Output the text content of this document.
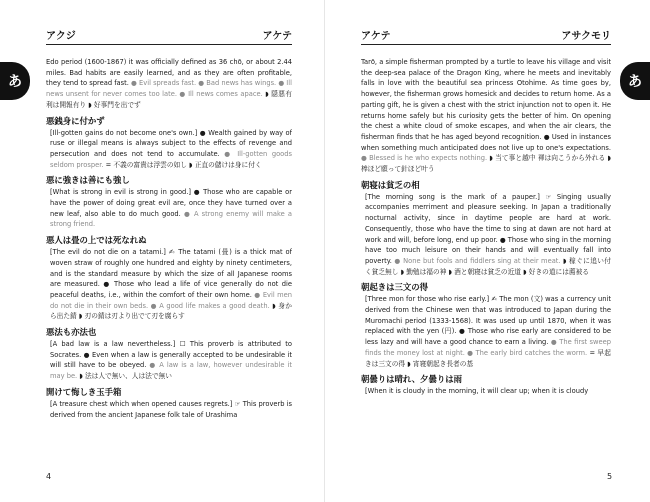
アクジ	アケテ
あ
Edo period (1600-1867) it was officially defined as 36 chō, or about 2.44 miles. Bad habits are easily learned, and as they are often profitable, they tend to spread fast. ● Evil spreads fast. ● Bad news has wings. ● Ill news unsent for never comes too late. ● Ill news comes apace. ◗ 隠悪有利は開報有り ◗ 好事門を出でず
悪銭身に付かず
[Ill-gotten gains do not become one's own.] ● Wealth gained by way of ruse or illegal means is always subject to the effects of revenge and persecution and does not tend to accumulate. ● Ill-gotten goods seldom prosper. = 不義の富貴は浮雲の如し ◗ 正直の儲けは身に付く
悪に強きは善にも強し
[What is strong in evil is strong in good.] ● Those who are capable or have the power of doing great evil are, once they have turned over a new leaf, also able to do much good. ● A strong enemy will make a strong friend.
悪人は畳の上では死なれぬ
[The evil do not die on a tatami.] ✍ The tatami (畳) is a thick mat of woven straw of roughly one hundred and eighty by ninety centimeters, and is the standard measure by which the size of all Japanese rooms are measured. ● Those who lead a life of vice generally do not die peaceful deaths, i.e., within the comfort of their own home. ● Evil men do not die in their own beds. ● A good life makes a good death. ◗ 身から出た錆 ◗ 刃の錆は刃より出でて刃を腐らす
悪法も亦法也
[A bad law is a law nevertheless.] ☐ This proverb is attributed to Socrates. ● Even when a law is generally accepted to be undesirable it will still have to be obeyed. ● A law is a law, however undesirable it may be. ◗ 法は人で無い、人は法で無い
開けて悔しき玉手箱
[A treasure chest which when opened causes regrets.] ☞ This proverb is derived from the ancient Japanese folk tale of Urashima
4
アケテ	アサクモリ
あ
Tarō, a simple fisherman prompted by a turtle to leave his village and visit the deep-sea palace of the Dragon King, where he meets and inevitably falls in love with the beautiful sea princess Otohime. As time goes by, however, the fisherman grows homesick and decides to return home. As a parting gift, he is given a chest with the strict injunction not to open it. He returns home safely but his curiosity gets the better of him. On opening the chest a white cloud of smoke escapes, and when the air clears, the fisherman finds that he has aged beyond recognition. ● Used in instances when something much anticipated does not live up to one's expectations. ● Blessed is he who expects nothing. ◗ 当て事と越中 褌は向こうから外れる ◗ 棒ほど願って針ほど叶う
朝寝は貧乏の相
[The morning song is the mark of a pauper.] ☞ Singing usually accompanies merriment and pleasure seeking. In Japan a traditionally nocturnal activity, since in daytime people are hard at work. Consequently, those who have the time to sing at dawn are not hard at work and will, before long, end up poor. ● Those who sing in the morning have too much leisure on their hands and will eventually fall into poverty. ● None but fools and fiddlers sing at their meat. ◗ 稼ぐに追い付く貧乏無し ◗ 勤勉は福の神 ◗ 酒と朝寝は貧乏の近道 ◗ 好きの道には薦被る
朝起きは三文の得
[Three mon for those who rise early.] ✍ The mon (文) was a currency unit derived from the Chinese wen that was introduced to Japan during the Muromachi period (1333-1568). It was used up until 1870, when it was replaced with the yen (円). ● Those who rise early are considered to be less lazy and will have a good chance to earn a living. ● The first sweep finds the money lost at night. ● The early bird catches the worm. = 早起きは三文の得 ◗ 宵寝朝起き長者の基
朝曇りは晴れ、夕曇りは雨
[When it is cloudy in the morning, it will clear up; when it is cloudy
5
